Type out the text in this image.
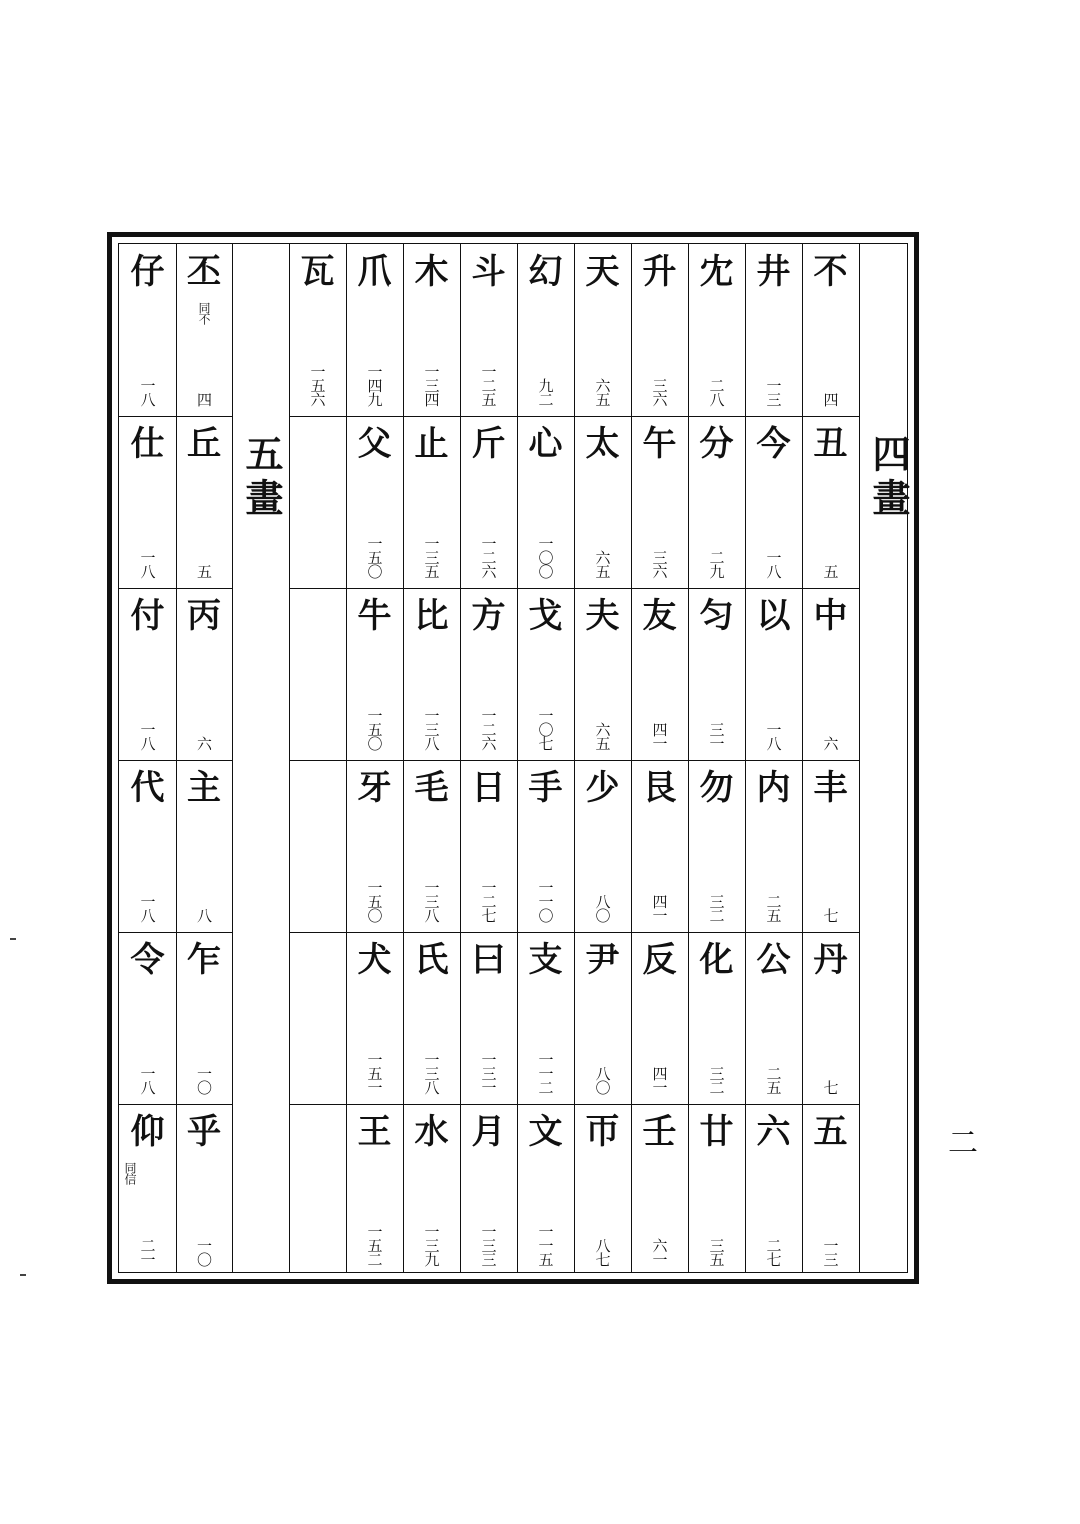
不
四
丑
五
中
六
丰
七
丹
七
五
一三
井
一三
今
一八
以
一八
内
二五
公
二五
六
二七
冘
二八
分
二九
匀
三一
勿
三二
化
三二
廿
三五
升
三六
午
三六
友
四一
艮
四一
反
四一
壬
六一
天
六五
太
六五
夫
六五
少
八〇
尹
八〇
帀
八七
幻
九二
心
一〇〇
戈
一〇七
手
一一〇
支
一一二
文
一一五
斗
一二五
斤
一二六
方
一二六
日
一二七
曰
一三一
月
一三三
木
一三四
止
一三五
比
一三八
毛
一三八
氏
一三八
水
一三九
爪
一四九
父
一五〇
牛
一五〇
牙
一五〇
犬
一五一
王
一五二
瓦
一五六
丕
四
同不
丘
五
丙
六
主
八
乍
一〇
乎
一〇
仔
一八
仕
一八
付
一八
代
一八
令
一八
仰
二一
同信
四畫
五畫
二
